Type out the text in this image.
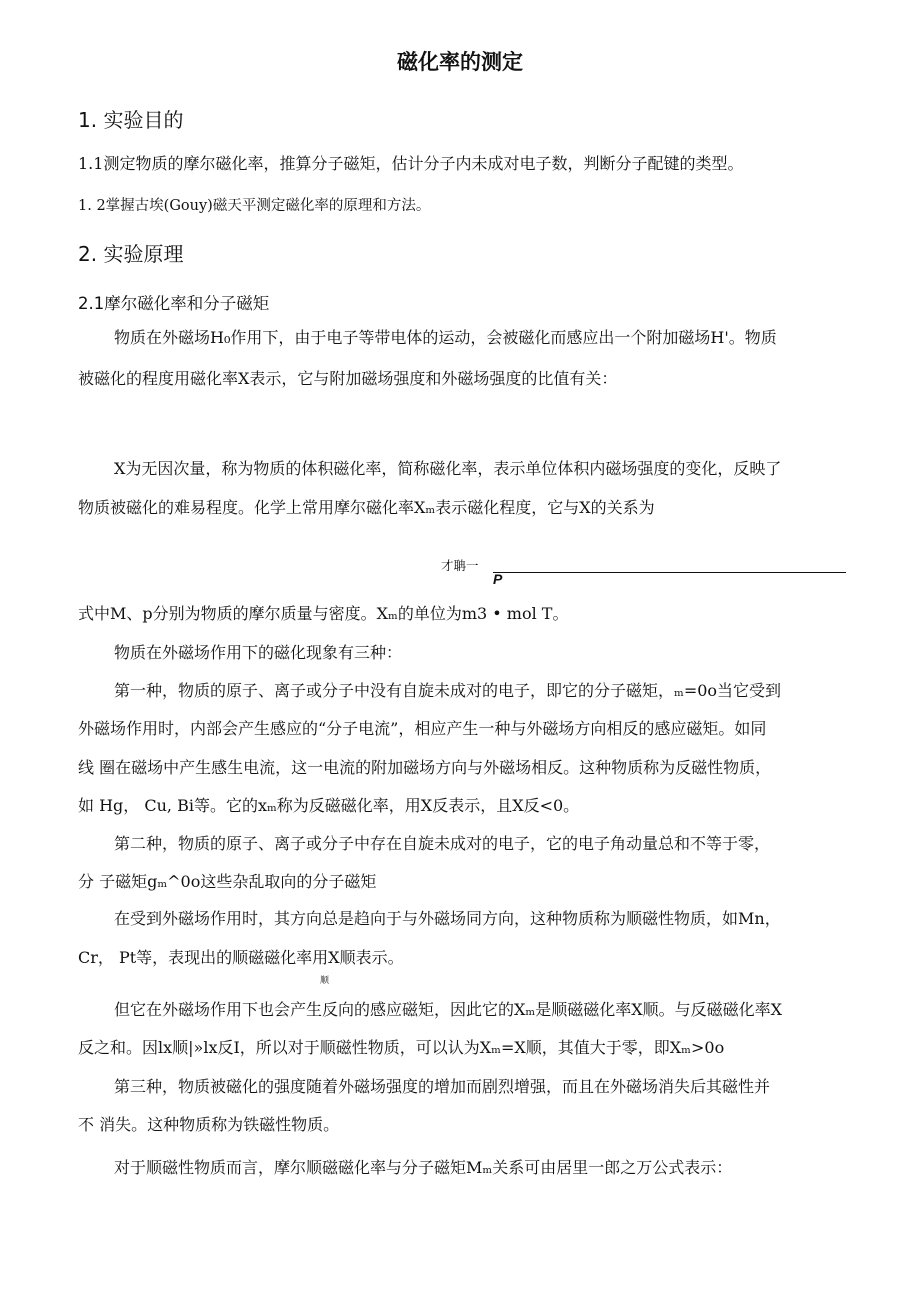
磁化率的测定
1. 实验目的
1.1测定物质的摩尔磁化率，推算分子磁矩，估计分子内未成对电子数，判断分子配键的类型。
1. 2掌握古埃(Gouy)磁天平测定磁化率的原理和方法。
2. 实验原理
2.1摩尔磁化率和分子磁矩
物质在外磁场H₀作用下，由于电子等带电体的运动，会被磁化而感应出一个附加磁场H'。物质
被磁化的程度用磁化率X表示，它与附加磁场强度和外磁场强度的比值有关：
X为无因次量，称为物质的体积磁化率，简称磁化率，表示单位体积内磁场强度的变化，反映了
物质被磁化的难易程度。化学上常用摩尔磁化率Xₘ表示磁化程度，它与X的关系为
才聃一
P
式中M、p分别为物质的摩尔质量与密度。Xₘ的单位为m3 • mol T。
物质在外磁场作用下的磁化现象有三种：
第一种，物质的原子、离子或分子中没有自旋未成对的电子，即它的分子磁矩，ₘ=0o当它受到
外磁场作用时，内部会产生感应的“分子电流”，相应产生一种与外磁场方向相反的感应磁矩。如同
线 圈在磁场中产生感生电流，这一电流的附加磁场方向与外磁场相反。这种物质称为反磁性物质，
如 Hg， Cu, Bi等。它的xₘ称为反磁磁化率，用X反表示，且X反<0。
第二种，物质的原子、离子或分子中存在自旋未成对的电子，它的电子角动量总和不等于零，
分 子磁矩gₘ^0o这些杂乱取向的分子磁矩
在受到外磁场作用时，其方向总是趋向于与外磁场同方向，这种物质称为顺磁性物质，如Mn，
Cr， Pt等，表现出的顺磁磁化率用X顺表示。
顺
但它在外磁场作用下也会产生反向的感应磁矩，因此它的Xₘ是顺磁磁化率X顺。与反磁磁化率X
反之和。因lx顺|»lx反I，所以对于顺磁性物质，可以认为Xₘ=X顺，其值大于零，即Xₘ>0o
第三种，物质被磁化的强度随着外磁场强度的增加而剧烈增强，而且在外磁场消失后其磁性并
不 消失。这种物质称为铁磁性物质。
对于顺磁性物质而言，摩尔顺磁磁化率与分子磁矩Mₘ关系可由居里一郎之万公式表示：
